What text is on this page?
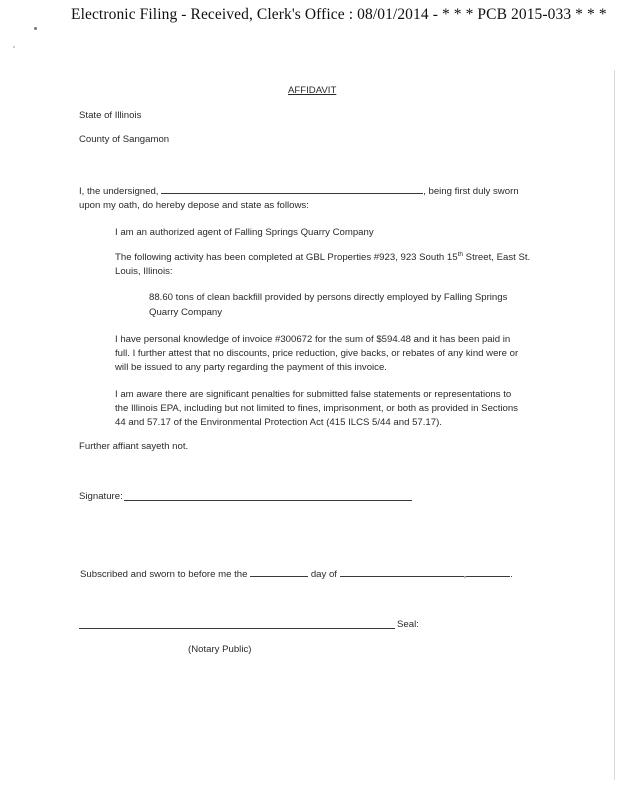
Electronic Filing - Received, Clerk's Office : 08/01/2014 - * * * PCB 2015-033 * * *
AFFIDAVIT
State of Illinois
County of Sangamon
I, the undersigned,	, being first duly sworn
upon my oath, do hereby depose and state as follows:
I am an authorized agent of Falling Springs Quarry Company
The following activity has been completed at GBL Properties #923, 923 South 15th Street, East St.
Louis, Illinois:
88.60 tons of clean backfill provided by persons directly employed by Falling Springs
Quarry Company
I have personal knowledge of invoice #300672 for the sum of $594.48 and it has been paid in
full. I further attest that no discounts, price reduction, give backs, or rebates of any kind were or
will be issued to any party regarding the payment of this invoice.
I am aware there are significant penalties for submitted false statements or representations to
the Illinois EPA, including but not limited to fines, imprisonment, or both as provided in Sections
44 and 57.17 of the Environmental Protection Act (415 ILCS 5/44 and 57.17).
Further affiant sayeth not.
Signature:
Subscribed and sworn to before me the	day of	,	.
Seal:
(Notary Public)
